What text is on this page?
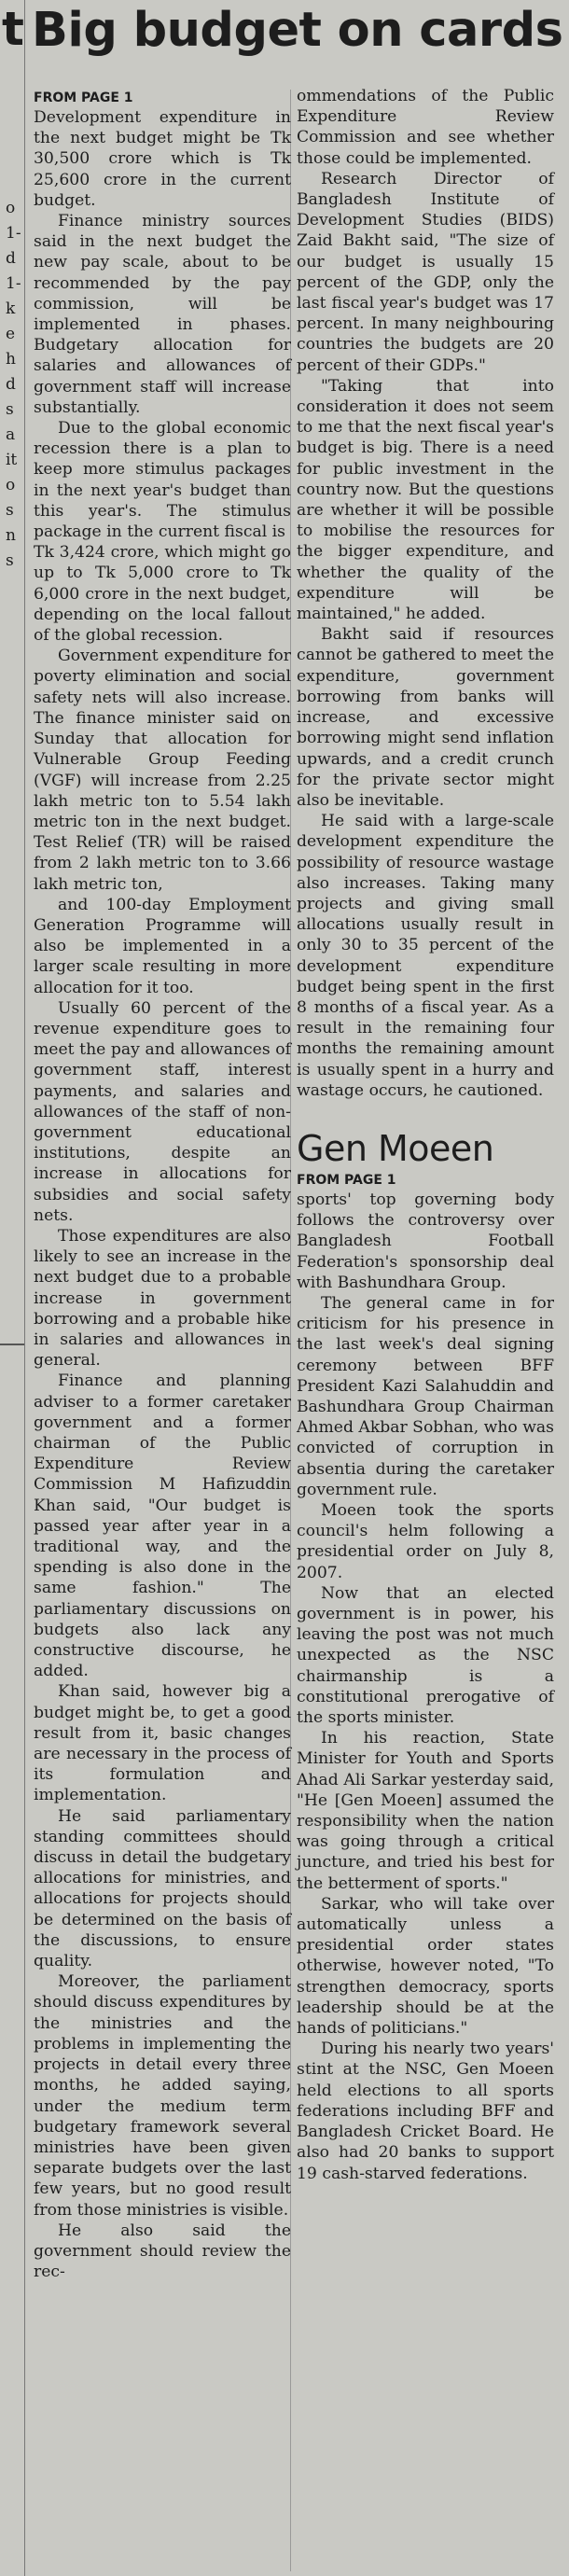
t
o
1-
d
1-
k
e
h
d
s
a
it
o
s
n
s
Big budget on cards
FROM PAGE 1

Development expenditure in the next budget might be Tk 30,500 crore which is Tk 25,600 crore in the current budget.

Finance ministry sources said in the next budget the new pay scale, about to be recommended by the pay commission, will be implemented in phases. Budgetary allocation for salaries and allowances of government staff will increase substantially.

Due to the global economic recession there is a plan to keep more stimulus packages in the next year's budget than this year's. The stimulus package in the current fiscal is

Tk 3,424 crore, which might go up to Tk 5,000 crore to Tk 6,000 crore in the next budget, depending on the local fallout of the global recession.

Government expenditure for poverty elimination and social safety nets will also increase. The finance minister said on Sunday that allocation for Vulnerable Group Feeding (VGF) will increase from 2.25 lakh metric ton to 5.54 lakh metric ton in the next budget. Test Relief (TR) will be raised from 2 lakh metric ton to 3.66 lakh metric ton,

and 100-day Employment Generation Programme will also be implemented in a larger scale resulting in more allocation for it too.

Usually 60 percent of the revenue expenditure goes to meet the pay and allowances of government staff, interest payments, and salaries and allowances of the staff of non-government educational institutions, despite an increase in allocations for subsidies and social safety nets.

Those expenditures are also likely to see an increase in the next budget due to a probable increase in government borrowing and a probable hike in salaries and allowances in general.

Finance and planning adviser to a former caretaker government and a former chairman of the Public Expenditure Review Commission M Hafizuddin Khan said, "Our budget is passed year after year in a traditional way, and the spending is also done in the same fashion." The parliamentary discussions on budgets also lack any constructive discourse, he added.

Khan said, however big a budget might be, to get a good result from it, basic changes are necessary in the process of its formulation and implementation.

He said parliamentary standing committees should discuss in detail the budgetary allocations for ministries, and allocations for projects should be determined on the basis of the discussions, to ensure quality.

Moreover, the parliament should discuss expenditures by the ministries and the problems in implementing the projects in detail every three months, he added saying, under the medium term budgetary framework several ministries have been given separate budgets over the last few years, but no good result from those ministries is visible.

He also said the government should review the rec-

ommendations of the Public Expenditure Review Commission and see whether those could be implemented.

Research Director of Bangladesh Institute of Development Studies (BIDS) Zaid Bakht said, "The size of our budget is usually 15 percent of the GDP, only the last fiscal year's budget was 17 percent. In many neighbouring countries the budgets are 20 percent of their GDPs."

"Taking that into consideration it does not seem to me that the next fiscal year's budget is big. There is a need for public investment in the country now. But the questions are whether it will be possible to mobilise the resources for the bigger expenditure, and whether the quality of the expenditure will be maintained," he added.

Bakht said if resources cannot be gathered to meet the expenditure, government borrowing from banks will increase, and excessive borrowing might send inflation upwards, and a credit crunch for the private sector might also be inevitable.

He said with a large-scale development expenditure the possibility of resource wastage also increases. Taking many projects and giving small allocations usually result in only 30 to 35 percent of the development expenditure budget being spent in the first 8 months of a fiscal year. As a result in the remaining four months the remaining amount is usually spent in a hurry and wastage occurs, he cautioned.

Gen Moeen
FROM PAGE 1

sports' top governing body follows the controversy over Bangladesh Football Federation's sponsorship deal with Bashundhara Group.

The general came in for criticism for his presence in the last week's deal signing ceremony between BFF President Kazi Salahuddin and Bashundhara Group Chairman Ahmed Akbar Sobhan, who was convicted of corruption in absentia during the caretaker government rule.

Moeen took the sports council's helm following a presidential order on July 8, 2007.

Now that an elected government is in power, his leaving the post was not much unexpected as the NSC chairmanship is a constitutional prerogative of the sports minister.

In his reaction, State Minister for Youth and Sports Ahad Ali Sarkar yesterday said, "He [Gen Moeen] assumed the responsibility when the nation was going through a critical juncture, and tried his best for the betterment of sports."

Sarkar, who will take over automatically unless a presidential order states otherwise, however noted, "To strengthen democracy, sports leadership should be at the hands of politicians."

During his nearly two years' stint at the NSC, Gen Moeen held elections to all sports federations including BFF and Bangladesh Cricket Board. He also had 20 banks to support 19 cash-starved federations.
